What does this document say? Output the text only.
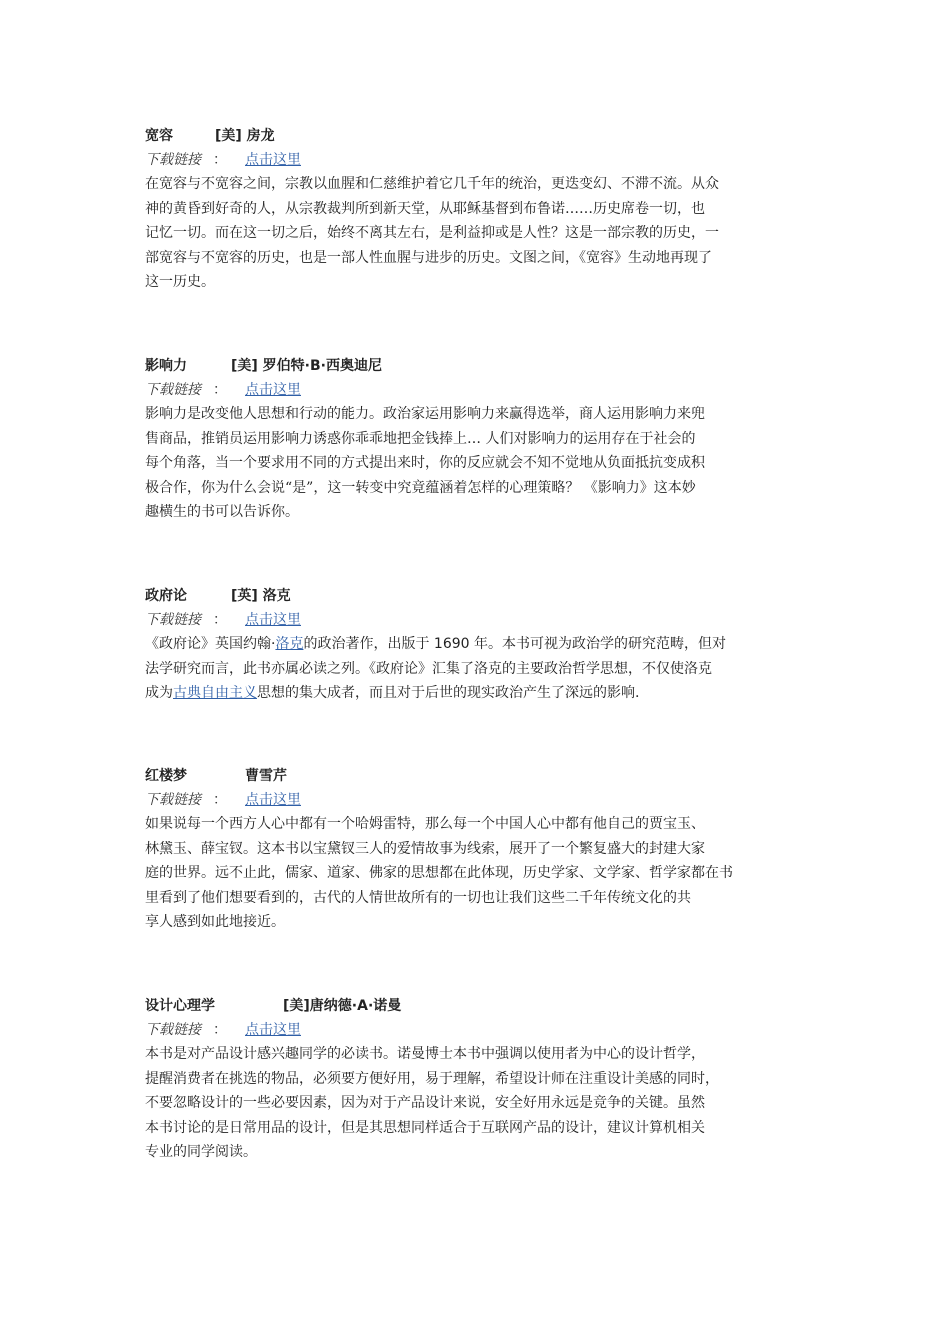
宽容	[美] 房龙
下载链接 ： 点击这里

在宽容与不宽容之间，宗教以血腥和仁慈维护着它几千年的统治，更迭变幻、不滞不流。从众
神的黄昏到好奇的人，从宗教裁判所到新天堂，从耶稣基督到布鲁诺……历史席卷一切，也
记忆一切。而在这一切之后，始终不离其左右，是利益抑或是人性？这是一部宗教的历史，一
部宽容与不宽容的历史，也是一部人性血腥与进步的历史。文图之间，《宽容》生动地再现了
这一历史。

影响力	[美] 罗伯特·B·西奥迪尼
下载链接 ： 点击这里

影响力是改变他人思想和行动的能力。政治家运用影响力来赢得选举，商人运用影响力来兜
售商品，推销员运用影响力诱惑你乖乖地把金钱捧上… 人们对影响力的运用存在于社会的
每个角落，当一个要求用不同的方式提出来时，你的反应就会不知不觉地从负面抵抗变成积
极合作，你为什么会说“是”，这一转变中究竟蕴涵着怎样的心理策略？ 《影响力》这本妙
趣横生的书可以告诉你。

政府论	[英] 洛克
下载链接 ：	点击这里

《政府论》英国约翰·洛克的政治著作，出版于 1690 年。本书可视为政治学的研究范畴，但对
法学研究而言，此书亦属必读之列。《政府论》汇集了洛克的主要政治哲学思想，不仅使洛克
成为古典自由主义思想的集大成者，而且对于后世的现实政治产生了深远的影响.

红楼梦	曹雪芹
下载链接 ： 点击这里

如果说每一个西方人心中都有一个哈姆雷特，那么每一个中国人心中都有他自己的贾宝玉、
林黛玉、薛宝钗。这本书以宝黛钗三人的爱情故事为线索，展开了一个繁复盛大的封建大家
庭的世界。远不止此，儒家、道家、佛家的思想都在此体现，历史学家、文学家、哲学家都在书
里看到了他们想要看到的，古代的人情世故所有的一切也让我们这些二千年传统文化的共
享人感到如此地接近。

设计心理学	[美]唐纳德·A·诺曼
下载链接 ： 点击这里

本书是对产品设计感兴趣同学的必读书。诺曼博士本书中强调以使用者为中心的设计哲学，
提醒消费者在挑选的物品，必须要方便好用，易于理解，希望设计师在注重设计美感的同时，
不要忽略设计的一些必要因素，因为对于产品设计来说，安全好用永远是竞争的关键。虽然
本书讨论的是日常用品的设计，但是其思想同样适合于互联网产品的设计，建议计算机相关
专业的同学阅读。
